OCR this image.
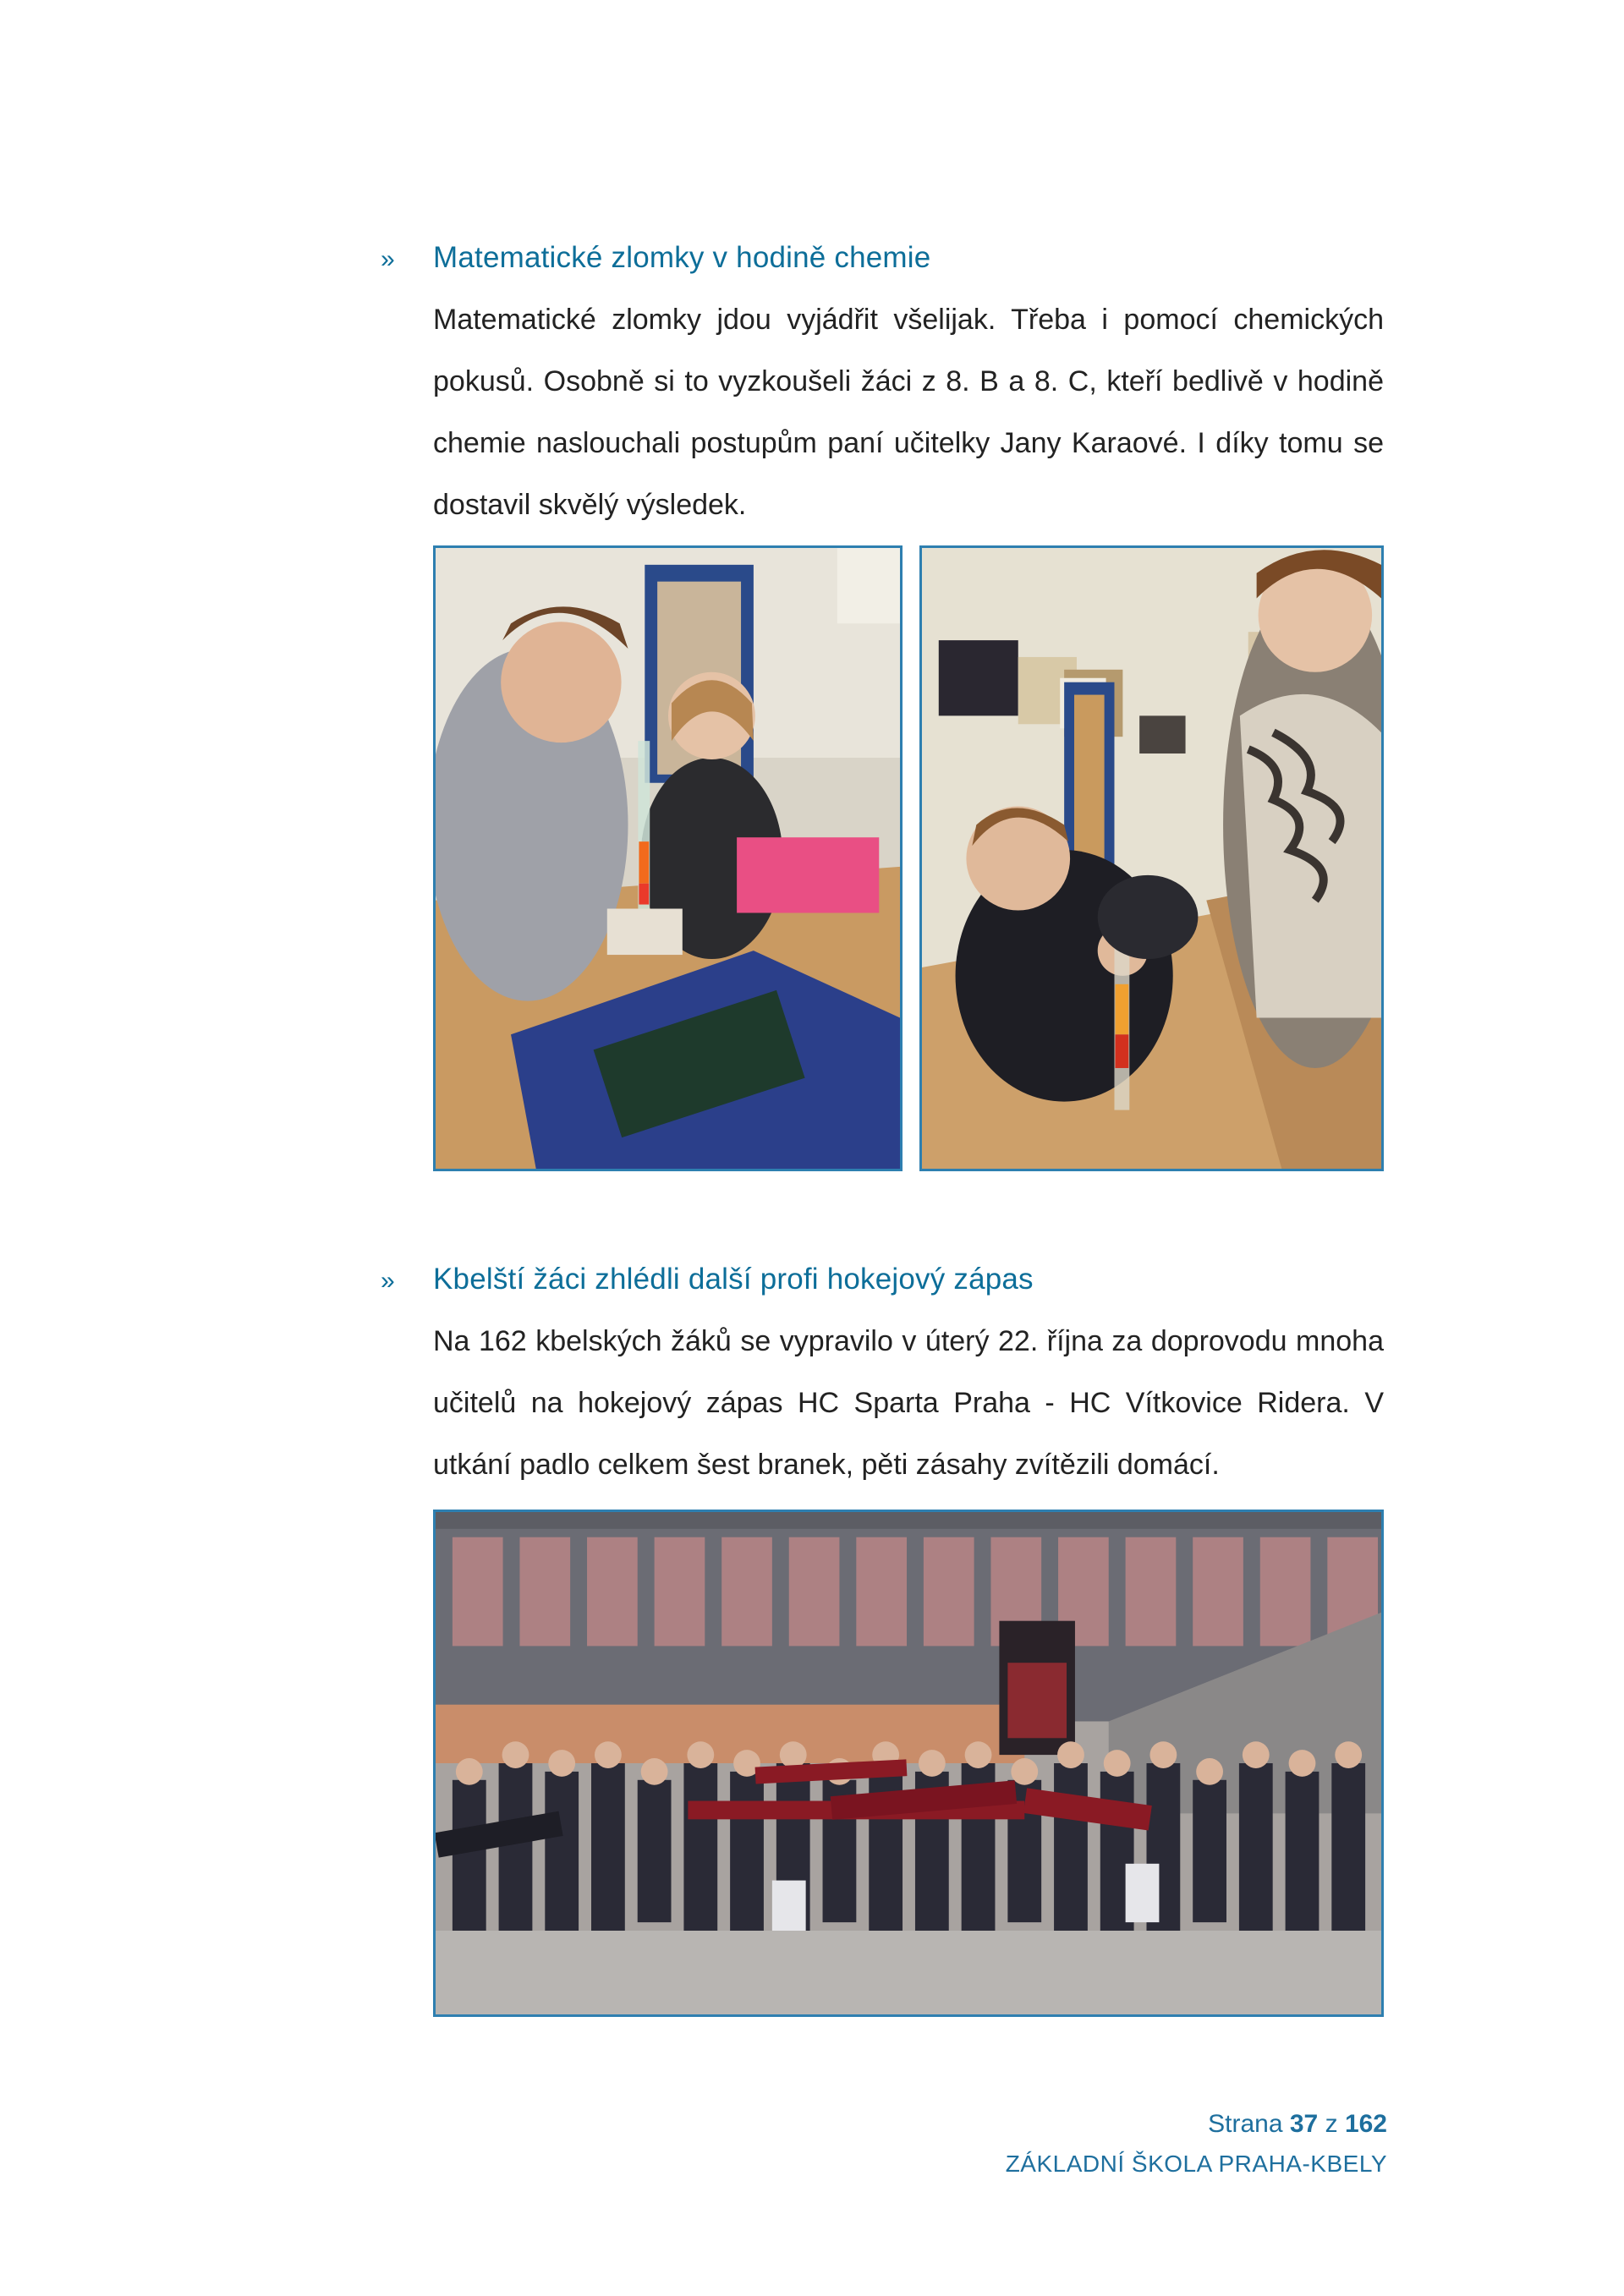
»	Matematické zlomky v hodině chemie
Matematické zlomky jdou vyjádřit všelijak. Třeba i pomocí chemických pokusů. Osobně si to vyzkoušeli žáci z 8. B a 8. C, kteří bedlivě v hodině chemie naslouchali postupům paní učitelky Jany Karaové. I díky tomu se dostavil skvělý výsledek.
»	Kbelští žáci zhlédli další profi hokejový zápas
Na 162 kbelských žáků se vypravilo v úterý 22. října za doprovodu mnoha učitelů na hokejový zápas HC Sparta Praha - HC Vítkovice Ridera. V utkání padlo celkem šest branek, pěti zásahy zvítězili domácí.
Strana 37 z 162
ZÁKLADNÍ ŠKOLA PRAHA-KBELY
